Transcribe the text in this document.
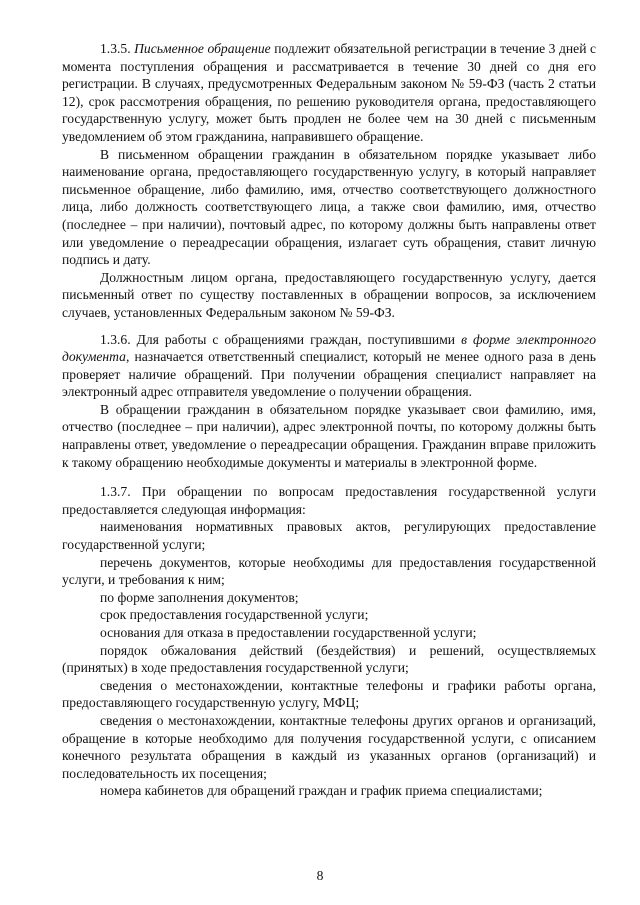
1.3.5. Письменное обращение подлежит обязательной регистрации в течение 3 дней с момента поступления обращения и рассматривается в течение 30 дней со дня его регистрации. В случаях, предусмотренных Федеральным законом № 59-ФЗ (часть 2 статьи 12), срок рассмотрения обращения, по решению руководителя органа, предоставляющего государственную услугу, может быть продлен не более чем на 30 дней с письменным уведомлением об этом гражданина, направившего обращение.

В письменном обращении гражданин в обязательном порядке указывает либо наименование органа, предоставляющего государственную услугу, в который направляет письменное обращение, либо фамилию, имя, отчество соответствующего должностного лица, либо должность соответствующего лица, а также свои фамилию, имя, отчество (последнее – при наличии), почтовый адрес, по которому должны быть направлены ответ или уведомление о переадресации обращения, излагает суть обращения, ставит личную подпись и дату.

Должностным лицом органа, предоставляющего государственную услугу, дается письменный ответ по существу поставленных в обращении вопросов, за исключением случаев, установленных Федеральным законом № 59-ФЗ.

1.3.6. Для работы с обращениями граждан, поступившими в форме электронного документа, назначается ответственный специалист, который не менее одного раза в день проверяет наличие обращений. При получении обращения специалист направляет на электронный адрес отправителя уведомление о получении обращения.

В обращении гражданин в обязательном порядке указывает свои фамилию, имя, отчество (последнее – при наличии), адрес электронной почты, по которому должны быть направлены ответ, уведомление о переадресации обращения. Гражданин вправе приложить к такому обращению необходимые документы и материалы в электронной форме.

1.3.7. При обращении по вопросам предоставления государственной услуги предоставляется следующая информация:

наименования нормативных правовых актов, регулирующих предоставление государственной услуги;

перечень документов, которые необходимы для предоставления государственной услуги, и требования к ним;

по форме заполнения документов;

срок предоставления государственной услуги;

основания для отказа в предоставлении государственной услуги;

порядок обжалования действий (бездействия) и решений, осуществляемых (принятых) в ходе предоставления государственной услуги;

сведения о местонахождении, контактные телефоны и графики работы органа, предоставляющего государственную услугу, МФЦ;

сведения о местонахождении, контактные телефоны других органов и организаций, обращение в которые необходимо для получения государственной услуги, с описанием конечного результата обращения в каждый из указанных органов (организаций) и последовательность их посещения;

номера кабинетов для обращений граждан и график приема специалистами;

8
